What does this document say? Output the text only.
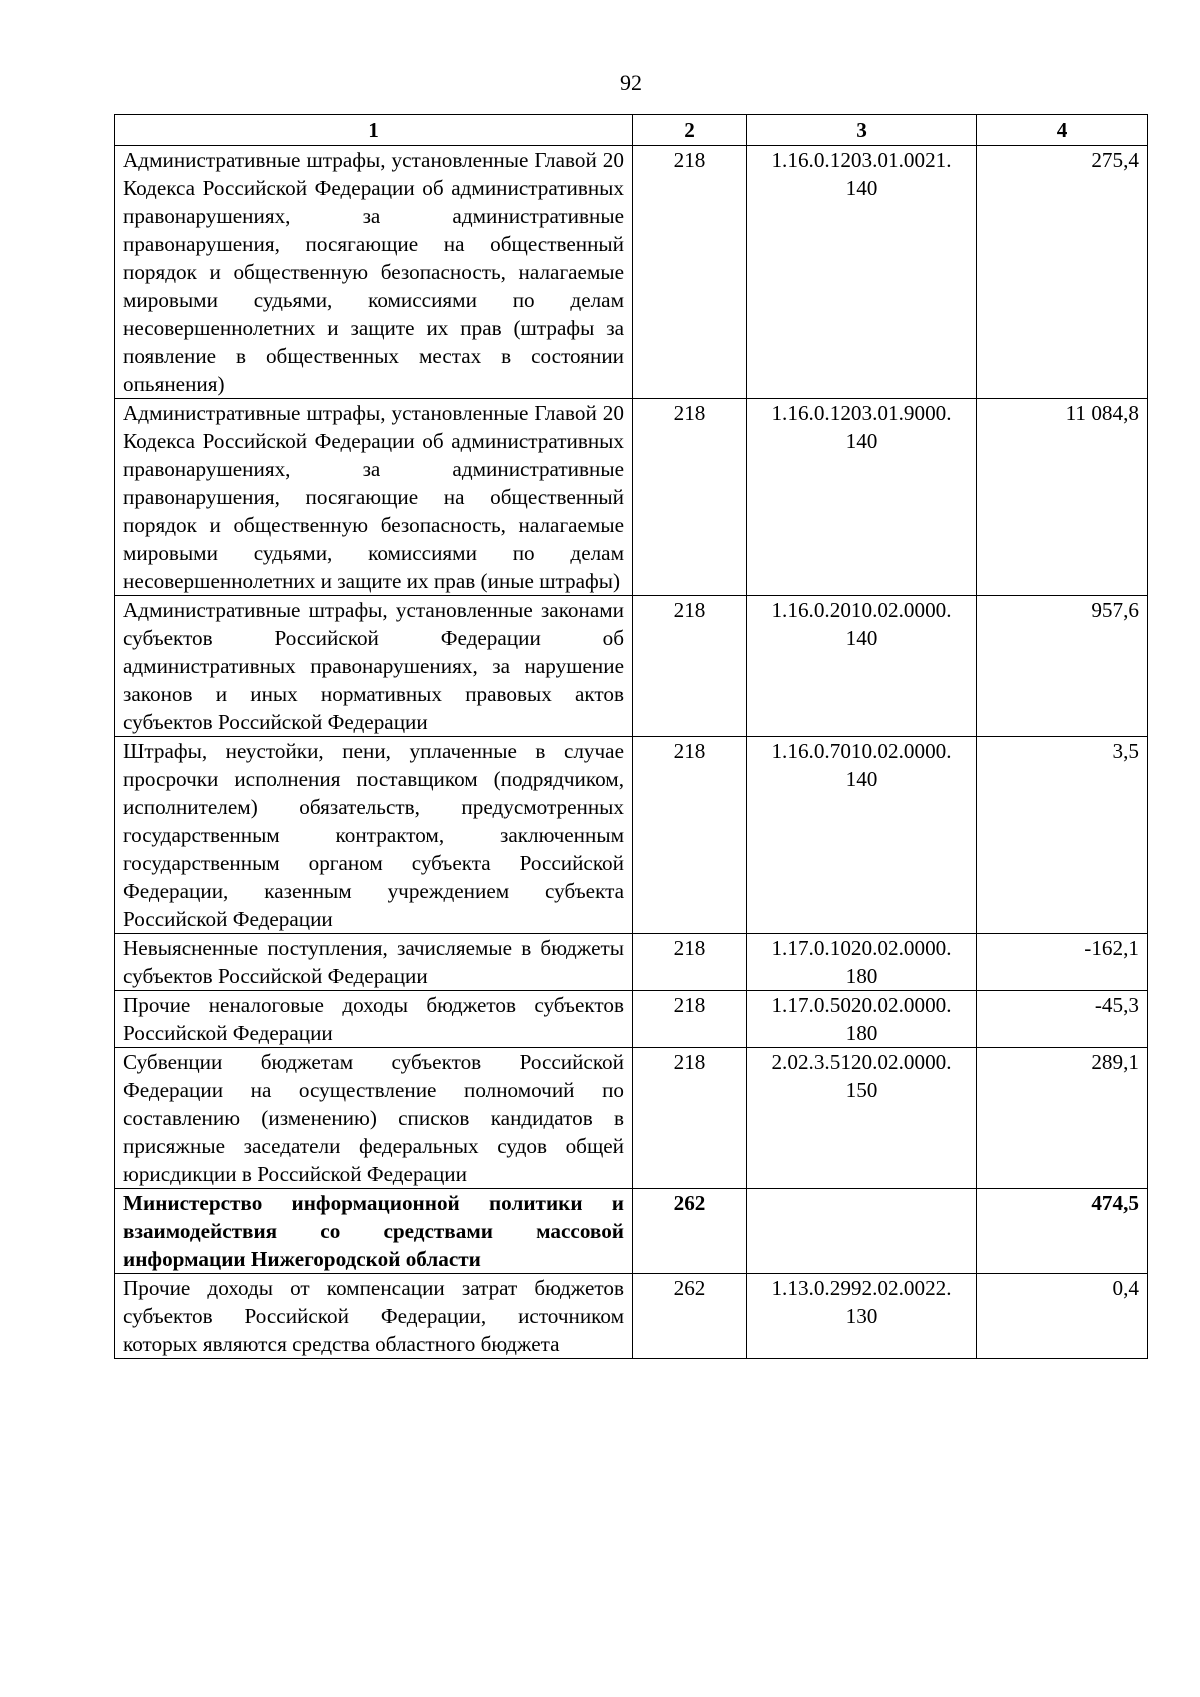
92
1	2	3	4
Административные штрафы, установленные Главой 20 Кодекса Российской Федерации об административных правонарушениях, за административные правонарушения, посягающие на общественный порядок и общественную безопасность, налагаемые мировыми судьями, комиссиями по делам несовершеннолетних и защите их прав (штрафы за появление в общественных местах в состоянии опьянения)	218	1.16.0.1203.01.0021. 140	275,4
Административные штрафы, установленные Главой 20 Кодекса Российской Федерации об административных правонарушениях, за административные правонарушения, посягающие на общественный порядок и общественную безопасность, налагаемые мировыми судьями, комиссиями по делам несовершеннолетних и защите их прав (иные штрафы)	218	1.16.0.1203.01.9000. 140	11 084,8
Административные штрафы, установленные законами субъектов Российской Федерации об административных правонарушениях, за нарушение законов и иных нормативных правовых актов субъектов Российской Федерации	218	1.16.0.2010.02.0000. 140	957,6
Штрафы, неустойки, пени, уплаченные в случае просрочки исполнения поставщиком (подрядчиком, исполнителем) обязательств, предусмотренных государственным контрактом, заключенным государственным органом субъекта Российской Федерации, казенным учреждением субъекта Российской Федерации	218	1.16.0.7010.02.0000. 140	3,5
Невыясненные поступления, зачисляемые в бюджеты субъектов Российской Федерации	218	1.17.0.1020.02.0000. 180	-162,1
Прочие неналоговые доходы бюджетов субъектов Российской Федерации	218	1.17.0.5020.02.0000. 180	-45,3
Субвенции бюджетам субъектов Российской Федерации на осуществление полномочий по составлению (изменению) списков кандидатов в присяжные заседатели федеральных судов общей юрисдикции в Российской Федерации	218	2.02.3.5120.02.0000. 150	289,1
Министерство информационной политики и взаимодействия со средствами массовой информации Нижегородской области	262		474,5
Прочие доходы от компенсации затрат бюджетов субъектов Российской Федерации, источником которых являются средства областного бюджета	262	1.13.0.2992.02.0022. 130	0,4
